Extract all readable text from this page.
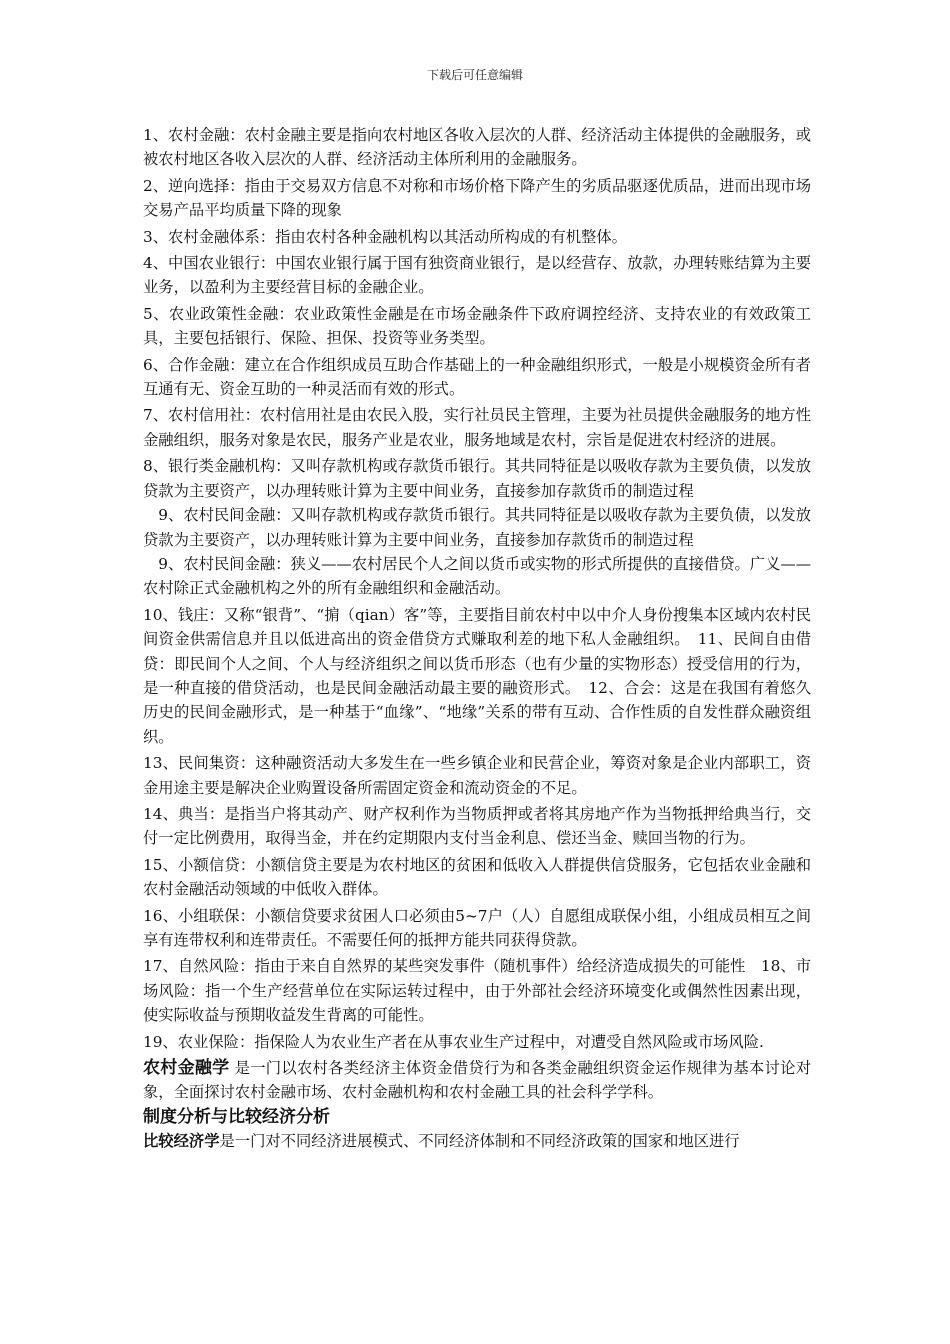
下载后可任意编辑

1、农村金融：农村金融主要是指向农村地区各收入层次的人群、经济活动主体提供的金融服务，或被农村地区各收入层次的人群、经济活动主体所利用的金融服务。

2、逆向选择：指由于交易双方信息不对称和市场价格下降产生的劣质品驱逐优质品，进而出现市场交易产品平均质量下降的现象

3、农村金融体系：指由农村各种金融机构以其活动所构成的有机整体。

4、中国农业银行：中国农业银行属于国有独资商业银行，是以经营存、放款，办理转账结算为主要业务，以盈利为主要经营目标的金融企业。

5、农业政策性金融：农业政策性金融是在市场金融条件下政府调控经济、支持农业的有效政策工具，主要包括银行、保险、担保、投资等业务类型。

6、合作金融：建立在合作组织成员互助合作基础上的一种金融组织形式，一般是小规模资金所有者互通有无、资金互助的一种灵活而有效的形式。

7、农村信用社：农村信用社是由农民入股，实行社员民主管理，主要为社员提供金融服务的地方性金融组织，服务对象是农民，服务产业是农业，服务地域是农村，宗旨是促进农村经济的进展。

8、银行类金融机构：又叫存款机构或存款货币银行。其共同特征是以吸收存款为主要负债，以发放贷款为主要资产，以办理转账计算为主要中间业务，直接参加存款货币的制造过程

　9、农村民间金融：又叫存款机构或存款货币银行。其共同特征是以吸收存款为主要负债，以发放贷款为主要资产，以办理转账计算为主要中间业务，直接参加存款货币的制造过程

　9、农村民间金融：狭义——农村居民个人之间以货币或实物的形式所提供的直接借贷。广义——农村除正式金融机构之外的所有金融组织和金融活动。

10、钱庄：又称“银背”、“掮（qian）客”等，主要指目前农村中以中介人身份搜集本区域内农村民间资金供需信息并且以低进高出的资金借贷方式赚取利差的地下私人金融组织。　11、民间自由借贷：即民间个人之间、个人与经济组织之间以货币形态（也有少量的实物形态）授受信用的行为，是一种直接的借贷活动，也是民间金融活动最主要的融资形式。　12、合会：这是在我国有着悠久历史的民间金融形式，是一种基于“血缘”、“地缘”关系的带有互动、合作性质的自发性群众融资组织。

13、民间集资：这种融资活动大多发生在一些乡镇企业和民营企业，筹资对象是企业内部职工，资金用途主要是解决企业购置设备所需固定资金和流动资金的不足。

14、典当：是指当户将其动产、财产权利作为当物质押或者将其房地产作为当物抵押给典当行，交付一定比例费用，取得当金，并在约定期限内支付当金利息、偿还当金、赎回当物的行为。

15、小额信贷：小额信贷主要是为农村地区的贫困和低收入人群提供信贷服务，它包括农业金融和农村金融活动领域的中低收入群体。

16、小组联保：小额信贷要求贫困人口必须由5~7户（人）自愿组成联保小组，小组成员相互之间享有连带权利和连带责任。不需要任何的抵押方能共同获得贷款。

17、自然风险：指由于来自自然界的某些突发事件（随机事件）给经济造成损失的可能性　18、市场风险：指一个生产经营单位在实际运转过程中，由于外部社会经济环境变化或偶然性因素出现，使实际收益与预期收益发生背离的可能性。

19、农业保险：指保险人为农业生产者在从事农业生产过程中，对遭受自然风险或市场风险.

农村金融学 是一门以农村各类经济主体资金借贷行为和各类金融组织资金运作规律为基本讨论对象，全面探讨农村金融市场、农村金融机构和农村金融工具的社会科学学科。

制度分析与比较经济分析

比较经济学是一门对不同经济进展模式、不同经济体制和不同经济政策的国家和地区进行
